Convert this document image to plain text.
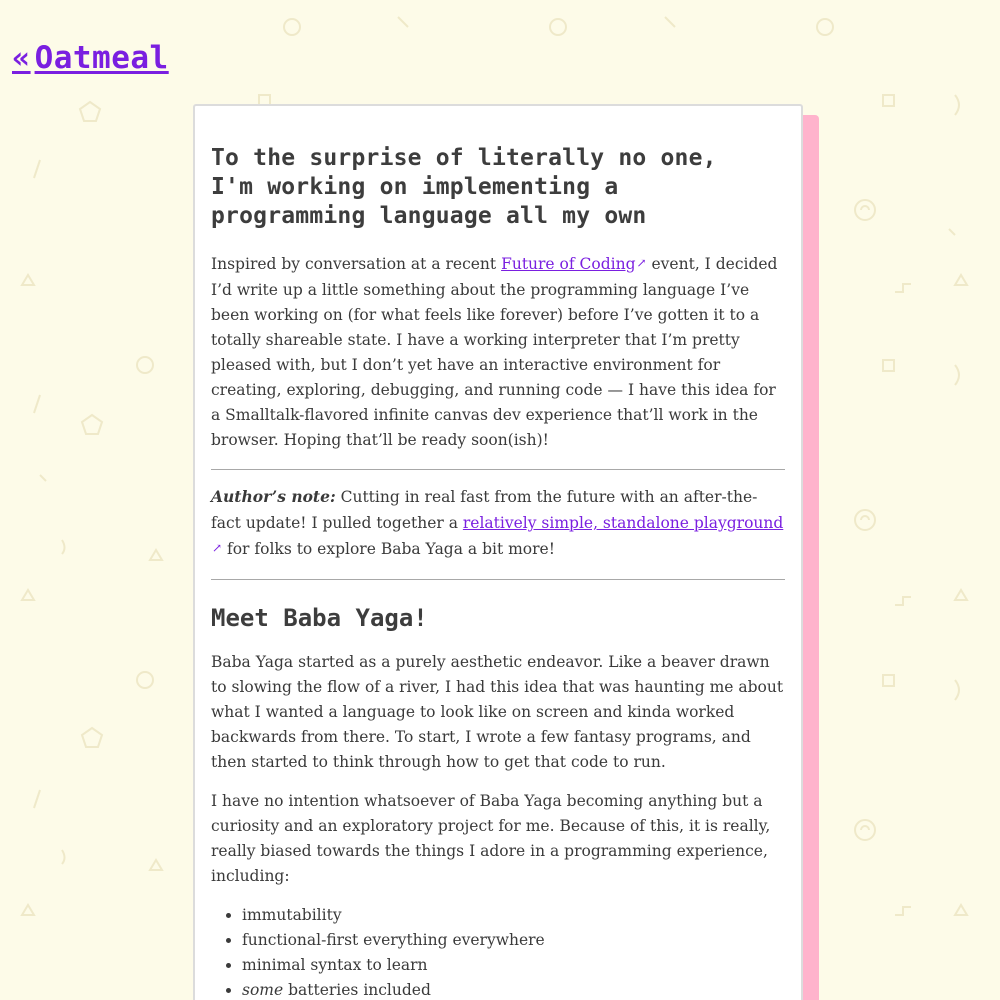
« Oatmeal
To the surprise of literally no one,
I'm working on implementing a
programming language all my own

Inspired by conversation at a recent Future of Coding↗ event, I decided I’d write up a little something about the programming language I’ve been working on (for what feels like forever) before I’ve gotten it to a totally shareable state. I have a working interpreter that I’m pretty pleased with, but I don’t yet have an interactive environment for creating, exploring, debugging, and running code — I have this idea for a Smalltalk-flavored infinite canvas dev experience that’ll work in the browser. Hoping that’ll be ready soon(ish)!

Author’s note: Cutting in real fast from the future with an after-the-fact update! I pulled together a relatively simple, standalone playground↗ for folks to explore Baba Yaga a bit more!

Meet Baba Yaga!

Baba Yaga started as a purely aesthetic endeavor. Like a beaver drawn to slowing the flow of a river, I had this idea that was haunting me about what I wanted a language to look like on screen and kinda worked backwards from there. To start, I wrote a few fantasy programs, and then started to think through how to get that code to run.

I have no intention whatsoever of Baba Yaga becoming anything but a curiosity and an exploratory project for me. Because of this, it is really, really biased towards the things I adore in a programming experience, including:

• immutability
• functional-first everything everywhere
• minimal syntax to learn
• some batteries included
